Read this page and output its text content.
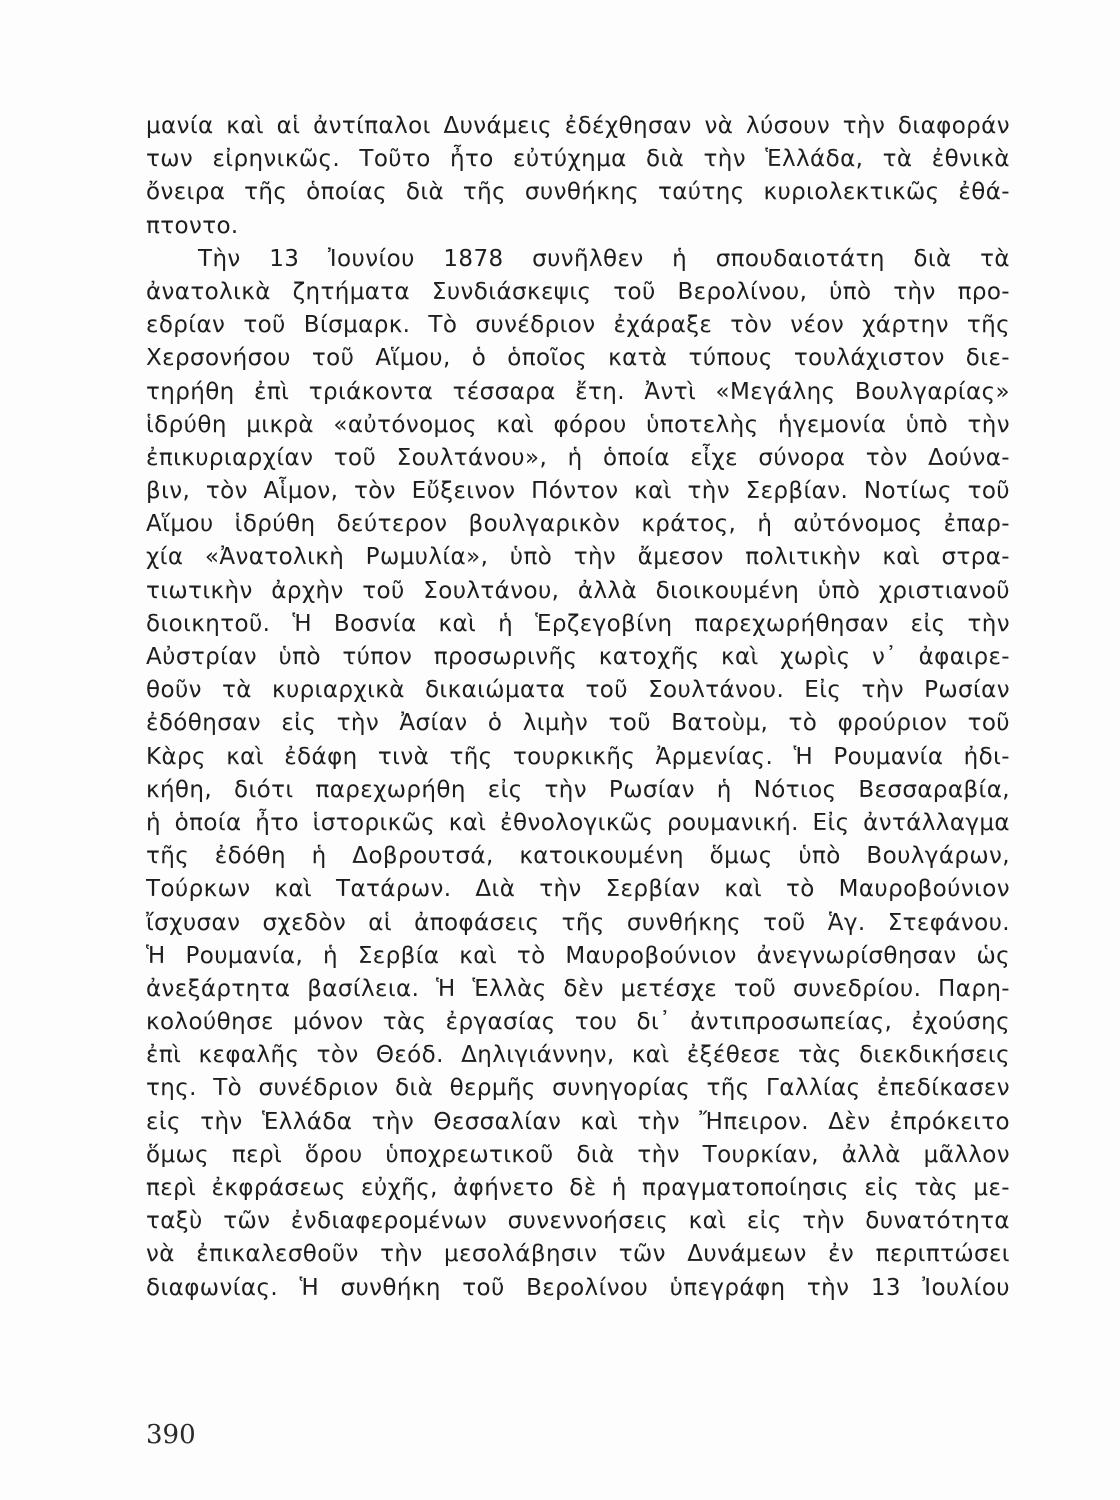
μανία καὶ αἱ ἀντίπαλοι Δυνάμεις ἐδέχθησαν νὰ λύσουν τὴν διαφοράν
των εἰρηνικῶς. Τοῦτο ἦτο εὐτύχημα διὰ τὴν Ἑλλάδα, τὰ ἐθνικὰ
ὄνειρα τῆς ὁποίας διὰ τῆς συνθήκης ταύτης κυριολεκτικῶς ἐθά-
πτοντο.
Τὴν 13 Ἰουνίου 1878 συνῆλθεν ἡ σπουδαιοτάτη διὰ τὰ
ἀνατολικὰ ζητήματα Συνδιάσκεψις τοῦ Βερολίνου, ὑπὸ τὴν προ-
εδρίαν τοῦ Βίσμαρκ. Τὸ συνέδριον ἐχάραξε τὸν νέον χάρτην τῆς
Χερσονήσου τοῦ Αἵμου, ὁ ὁποῖος κατὰ τύπους τουλάχιστον διε-
τηρήθη ἐπὶ τριάκοντα τέσσαρα ἔτη. Ἀντὶ «Μεγάλης Βουλγαρίας»
ἱδρύθη μικρὰ «αὐτόνομος καὶ φόρου ὑποτελὴς ἡγεμονία ὑπὸ τὴν
ἐπικυριαρχίαν τοῦ Σουλτάνου», ἡ ὁποία εἶχε σύνορα τὸν Δούνα-
βιν, τὸν Αἷμον, τὸν Εὔξεινον Πόντον καὶ τὴν Σερβίαν. Νοτίως τοῦ
Αἵμου ἱδρύθη δεύτερον βουλγαρικὸν κράτος, ἡ αὐτόνομος ἐπαρ-
χία «Ἀνατολικὴ Ρωμυλία», ὑπὸ τὴν ἄμεσον πολιτικὴν καὶ στρα-
τιωτικὴν ἀρχὴν τοῦ Σουλτάνου, ἀλλὰ διοικουμένη ὑπὸ χριστιανοῦ
διοικητοῦ. Ἡ Βοσνία καὶ ἡ Ἑρζεγοβίνη παρεχωρήθησαν εἰς τὴν
Αὐστρίαν ὑπὸ τύπον προσωρινῆς κατοχῆς καὶ χωρὶς ν᾽ ἀφαιρε-
θοῦν τὰ κυριαρχικὰ δικαιώματα τοῦ Σουλτάνου. Εἰς τὴν Ρωσίαν
ἐδόθησαν εἰς τὴν Ἀσίαν ὁ λιμὴν τοῦ Βατοὺμ, τὸ φρούριον τοῦ
Κὰρς καὶ ἐδάφη τινὰ τῆς τουρκικῆς Ἀρμενίας. Ἡ Ρουμανία ἠδι-
κήθη, διότι παρεχωρήθη εἰς τὴν Ρωσίαν ἡ Νότιος Βεσσαραβία,
ἡ ὁποία ἦτο ἱστορικῶς καὶ ἐθνολογικῶς ρουμανική. Εἰς ἀντάλλαγμα
τῆς ἐδόθη ἡ Δοβρουτσά, κατοικουμένη ὅμως ὑπὸ Βουλγάρων,
Τούρκων καὶ Τατάρων. Διὰ τὴν Σερβίαν καὶ τὸ Μαυροβούνιον
ἴσχυσαν σχεδὸν αἱ ἀποφάσεις τῆς συνθήκης τοῦ Ἁγ. Στεφάνου.
Ἡ Ρουμανία, ἡ Σερβία καὶ τὸ Μαυροβούνιον ἀνεγνωρίσθησαν ὡς
ἀνεξάρτητα βασίλεια. Ἡ Ἑλλὰς δὲν μετέσχε τοῦ συνεδρίου. Παρη-
κολούθησε μόνον τὰς ἐργασίας του δι᾽ ἀντιπροσωπείας, ἐχούσης
ἐπὶ κεφαλῆς τὸν Θεόδ. Δηλιγιάννην, καὶ ἐξέθεσε τὰς διεκδικήσεις
της. Τὸ συνέδριον διὰ θερμῆς συνηγορίας τῆς Γαλλίας ἐπεδίκασεν
εἰς τὴν Ἑλλάδα τὴν Θεσσαλίαν καὶ τὴν Ἤπειρον. Δὲν ἐπρόκειτο
ὅμως περὶ ὅρου ὑποχρεωτικοῦ διὰ τὴν Τουρκίαν, ἀλλὰ μᾶλλον
περὶ ἐκφράσεως εὐχῆς, ἀφήνετο δὲ ἡ πραγματοποίησις εἰς τὰς με-
ταξὺ τῶν ἐνδιαφερομένων συνεννοήσεις καὶ εἰς τὴν δυνατότητα
νὰ ἐπικαλεσθοῦν τὴν μεσολάβησιν τῶν Δυνάμεων ἐν περιπτώσει
διαφωνίας. Ἡ συνθήκη τοῦ Βερολίνου ὑπεγράφη τὴν 13 Ἰουλίου
390
